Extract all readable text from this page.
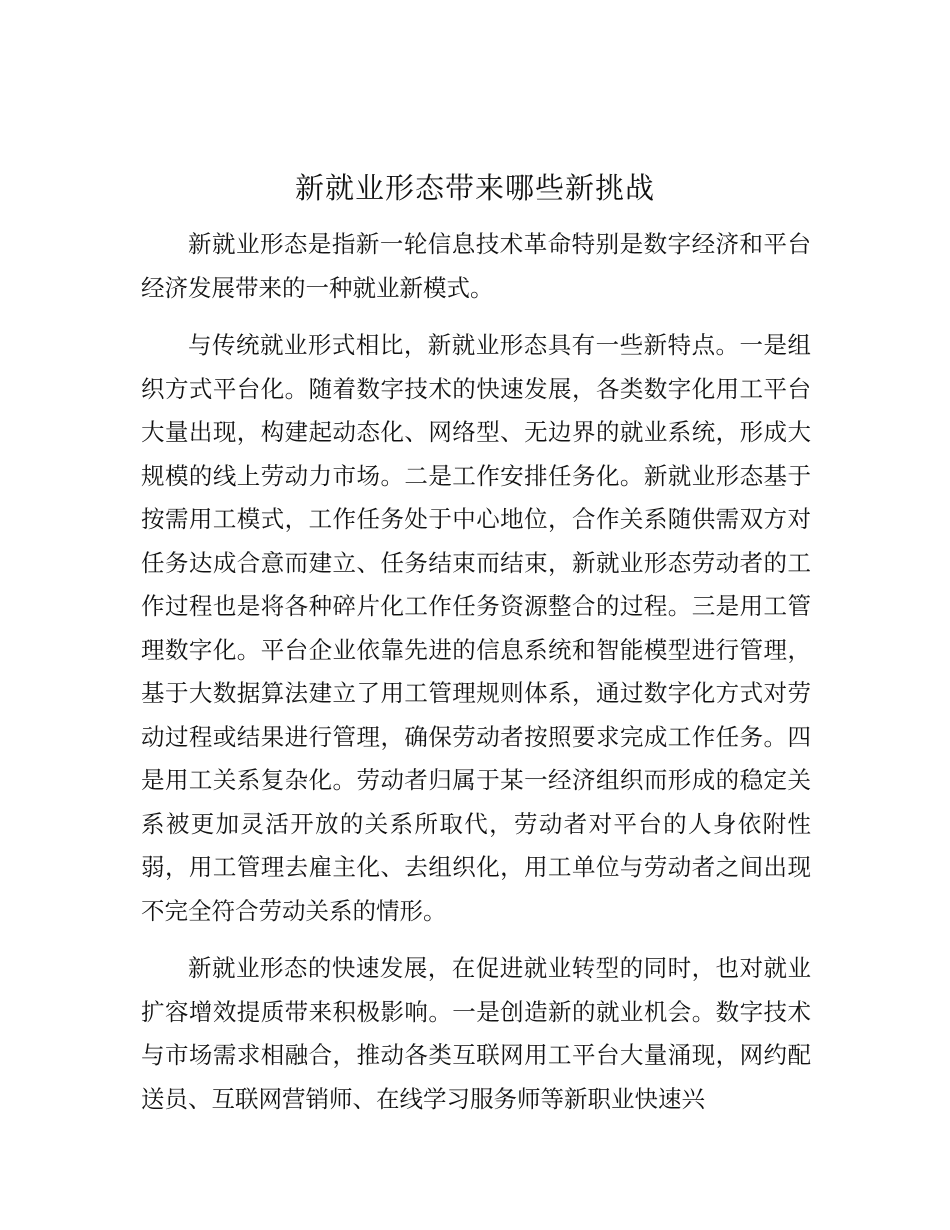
新就业形态带来哪些新挑战

新就业形态是指新一轮信息技术革命特别是数字经济和平台经济发展带来的一种就业新模式。

与传统就业形式相比，新就业形态具有一些新特点。一是组织方式平台化。随着数字技术的快速发展，各类数字化用工平台大量出现，构建起动态化、网络型、无边界的就业系统，形成大规模的线上劳动力市场。二是工作安排任务化。新就业形态基于按需用工模式，工作任务处于中心地位，合作关系随供需双方对任务达成合意而建立、任务结束而结束，新就业形态劳动者的工作过程也是将各种碎片化工作任务资源整合的过程。三是用工管理数字化。平台企业依靠先进的信息系统和智能模型进行管理，基于大数据算法建立了用工管理规则体系，通过数字化方式对劳动过程或结果进行管理，确保劳动者按照要求完成工作任务。四是用工关系复杂化。劳动者归属于某一经济组织而形成的稳定关系被更加灵活开放的关系所取代，劳动者对平台的人身依附性弱，用工管理去雇主化、去组织化，用工单位与劳动者之间出现不完全符合劳动关系的情形。

新就业形态的快速发展，在促进就业转型的同时，也对就业扩容增效提质带来积极影响。一是创造新的就业机会。数字技术与市场需求相融合，推动各类互联网用工平台大量涌现，网约配送员、互联网营销师、在线学习服务师等新职业快速兴
